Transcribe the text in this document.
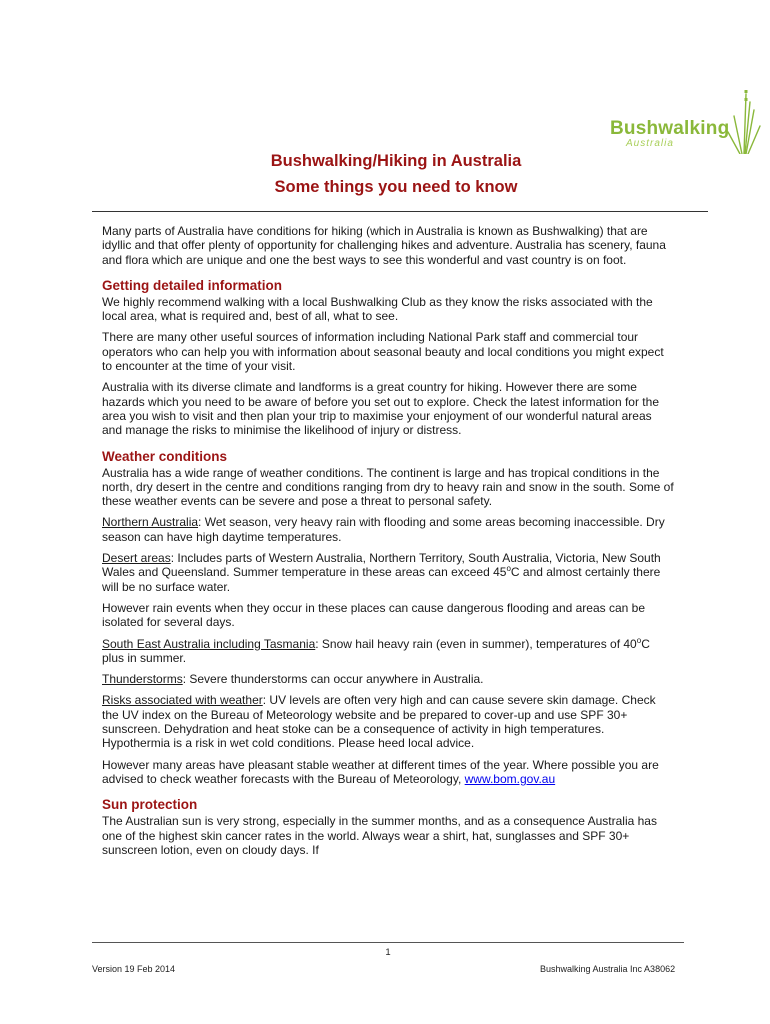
Bushwalking
Australia
Bushwalking/Hiking in Australia
Some things you need to know

Many parts of Australia have conditions for hiking (which in Australia is known as Bushwalking) that are idyllic and that offer plenty of opportunity for challenging hikes and adventure. Australia has scenery, fauna and flora which are unique and one the best ways to see this wonderful and vast country is on foot.

Getting detailed information

We highly recommend walking with a local Bushwalking Club as they know the risks associated with the local area, what is required and, best of all, what to see.

There are many other useful sources of information including National Park staff and commercial tour operators who can help you with information about seasonal beauty and local conditions you might expect to encounter at the time of your visit.

Australia with its diverse climate and landforms is a great country for hiking. However there are some hazards which you need to be aware of before you set out to explore. Check the latest information for the area you wish to visit and then plan your trip to maximise your enjoyment of our wonderful natural areas and manage the risks to minimise the likelihood of injury or distress.

Weather conditions

Australia has a wide range of weather conditions. The continent is large and has tropical conditions in the north, dry desert in the centre and conditions ranging from dry to heavy rain and snow in the south. Some of these weather events can be severe and pose a threat to personal safety.

Northern Australia: Wet season, very heavy rain with flooding and some areas becoming inaccessible. Dry season can have high daytime temperatures.

Desert areas: Includes parts of Western Australia, Northern Territory, South Australia, Victoria, New South Wales and Queensland. Summer temperature in these areas can exceed 45$^o$C and almost certainly there will be no surface water.

However rain events when they occur in these places can cause dangerous flooding and areas can be isolated for several days.

South East Australia including Tasmania: Snow hail heavy rain (even in summer), temperatures of 40$^o$C plus in summer.

Thunderstorms: Severe thunderstorms can occur anywhere in Australia.

Risks associated with weather: UV levels are often very high and can cause severe skin damage. Check the UV index on the Bureau of Meteorology website and be prepared to cover-up and use SPF 30+ sunscreen. Dehydration and heat stoke can be a consequence of activity in high temperatures. Hypothermia is a risk in wet cold conditions. Please heed local advice.

However many areas have pleasant stable weather at different times of the year. Where possible you are advised to check weather forecasts with the Bureau of Meteorology, www.bom.gov.au

Sun protection

The Australian sun is very strong, especially in the summer months, and as a consequence Australia has one of the highest skin cancer rates in the world. Always wear a shirt, hat, sunglasses and SPF 30+ sunscreen lotion, even on cloudy days. If

1
Version 19 Feb 2014	Bushwalking Australia Inc A38062
